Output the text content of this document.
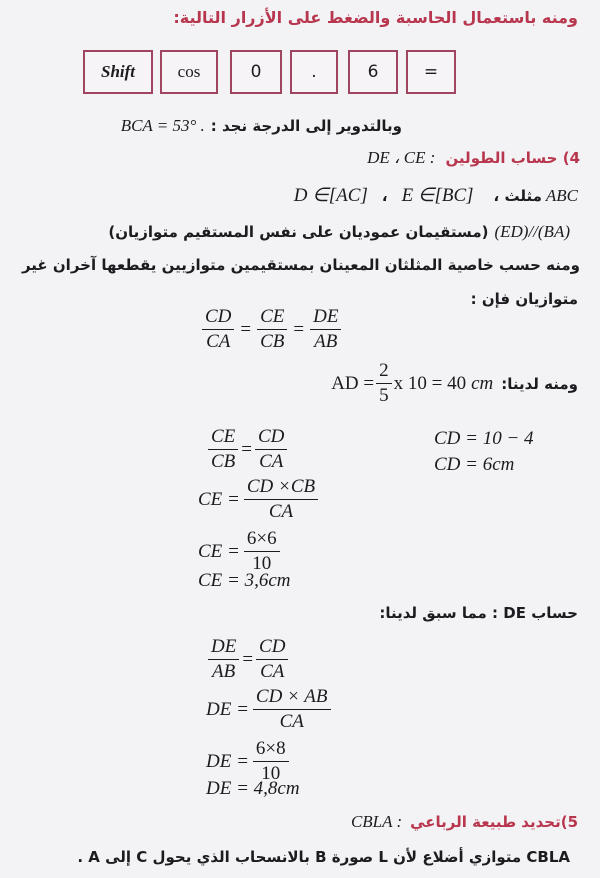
ومنه باستعمال الحاسبة والضغط على الأزرار التالية:
Shift	cos	0	.	6	=
وبالتدوير إلى الدرجة نجد :
BCA = 53° .
4) حساب الطولين
DE ، CE :
ABC
مثلث ،
E ∈[BC]
،
D ∈[AC]
(ED)//(BA)
(مستقيمان عموديان على نفس المستقيم متوازيان)
ومنه حسب خاصية المثلثان المعينان بمستقيمين متوازيين يقطعها آخران غير
متوازيان فإن :
$\frac{CD}{CA} = \frac{CE}{CB} = \frac{DE}{AB}$
ومنه لدينا:
AD = $\frac{2}{5}$ x 10 = 40 cm
CD = 10 − 4
CD = 6cm
$\frac{CE}{CB} = \frac{CD}{CA}$
CE = $\frac{CD \times CB}{CA}$
CE = $\frac{6\times 6}{10}$
CE = 3,6cm
حساب DE : مما سبق لدينا:
$\frac{DE}{AB} = \frac{CD}{CA}$
DE = $\frac{CD \times AB}{CA}$
DE = $\frac{6\times 8}{10}$
DE = 4,8cm
5)تحديد طبيعة الرباعي
CBLA :
CBLA متوازي أضلاع لأن L صورة B بالانسحاب الذي يحول C إلى A .
